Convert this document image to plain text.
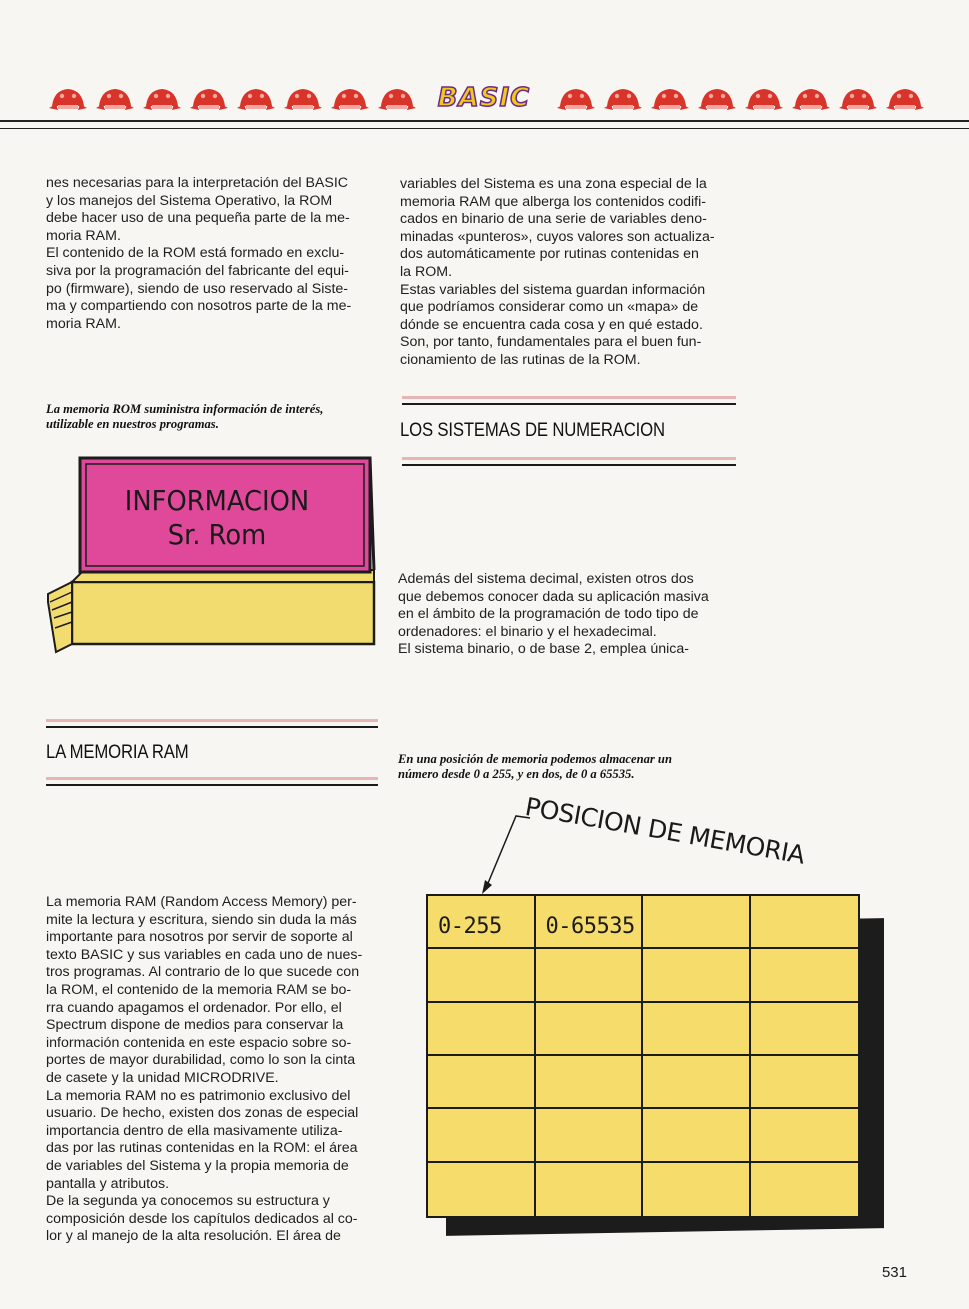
BASIC
nes necesarias para la interpretación del BASIC
y los manejos del Sistema Operativo, la ROM
debe hacer uso de una pequeña parte de la me-
moria RAM.
El contenido de la ROM está formado en exclu-
siva por la programación del fabricante del equi-
po (firmware), siendo de uso reservado al Siste-
ma y compartiendo con nosotros parte de la me-
moria RAM.
La memoria ROM suministra información de interés,
utilizable en nuestros programas.
INFORMACION
Sr. Rom
LA MEMORIA RAM
La memoria RAM (Random Access Memory) per-
mite la lectura y escritura, siendo sin duda la más
importante para nosotros por servir de soporte al
texto BASIC y sus variables en cada uno de nues-
tros programas. Al contrario de lo que sucede con
la ROM, el contenido de la memoria RAM se bo-
rra cuando apagamos el ordenador. Por ello, el
Spectrum dispone de medios para conservar la
información contenida en este espacio sobre so-
portes de mayor durabilidad, como lo son la cinta
de casete y la unidad MICRODRIVE.
La memoria RAM no es patrimonio exclusivo del
usuario. De hecho, existen dos zonas de especial
importancia dentro de ella masivamente utiliza-
das por las rutinas contenidas en la ROM: el área
de variables del Sistema y la propia memoria de
pantalla y atributos.
De la segunda ya conocemos su estructura y
composición desde los capítulos dedicados al co-
lor y al manejo de la alta resolución. El área de
variables del Sistema es una zona especial de la
memoria RAM que alberga los contenidos codifi-
cados en binario de una serie de variables deno-
minadas «punteros», cuyos valores son actualiza-
dos automáticamente por rutinas contenidas en
la ROM.
Estas variables del sistema guardan información
que podríamos considerar como un «mapa» de
dónde se encuentra cada cosa y en qué estado.
Son, por tanto, fundamentales para el buen fun-
cionamiento de las rutinas de la ROM.
LOS SISTEMAS DE NUMERACION
Además del sistema decimal, existen otros dos
que debemos conocer dada su aplicación masiva
en el ámbito de la programación de todo tipo de
ordenadores: el binario y el hexadecimal.
El sistema binario, o de base 2, emplea única-
En una posición de memoria podemos almacenar un
número desde 0 a 255, y en dos, de 0 a 65535.
POSICION DE MEMORIA
0-255	0-65535
531
